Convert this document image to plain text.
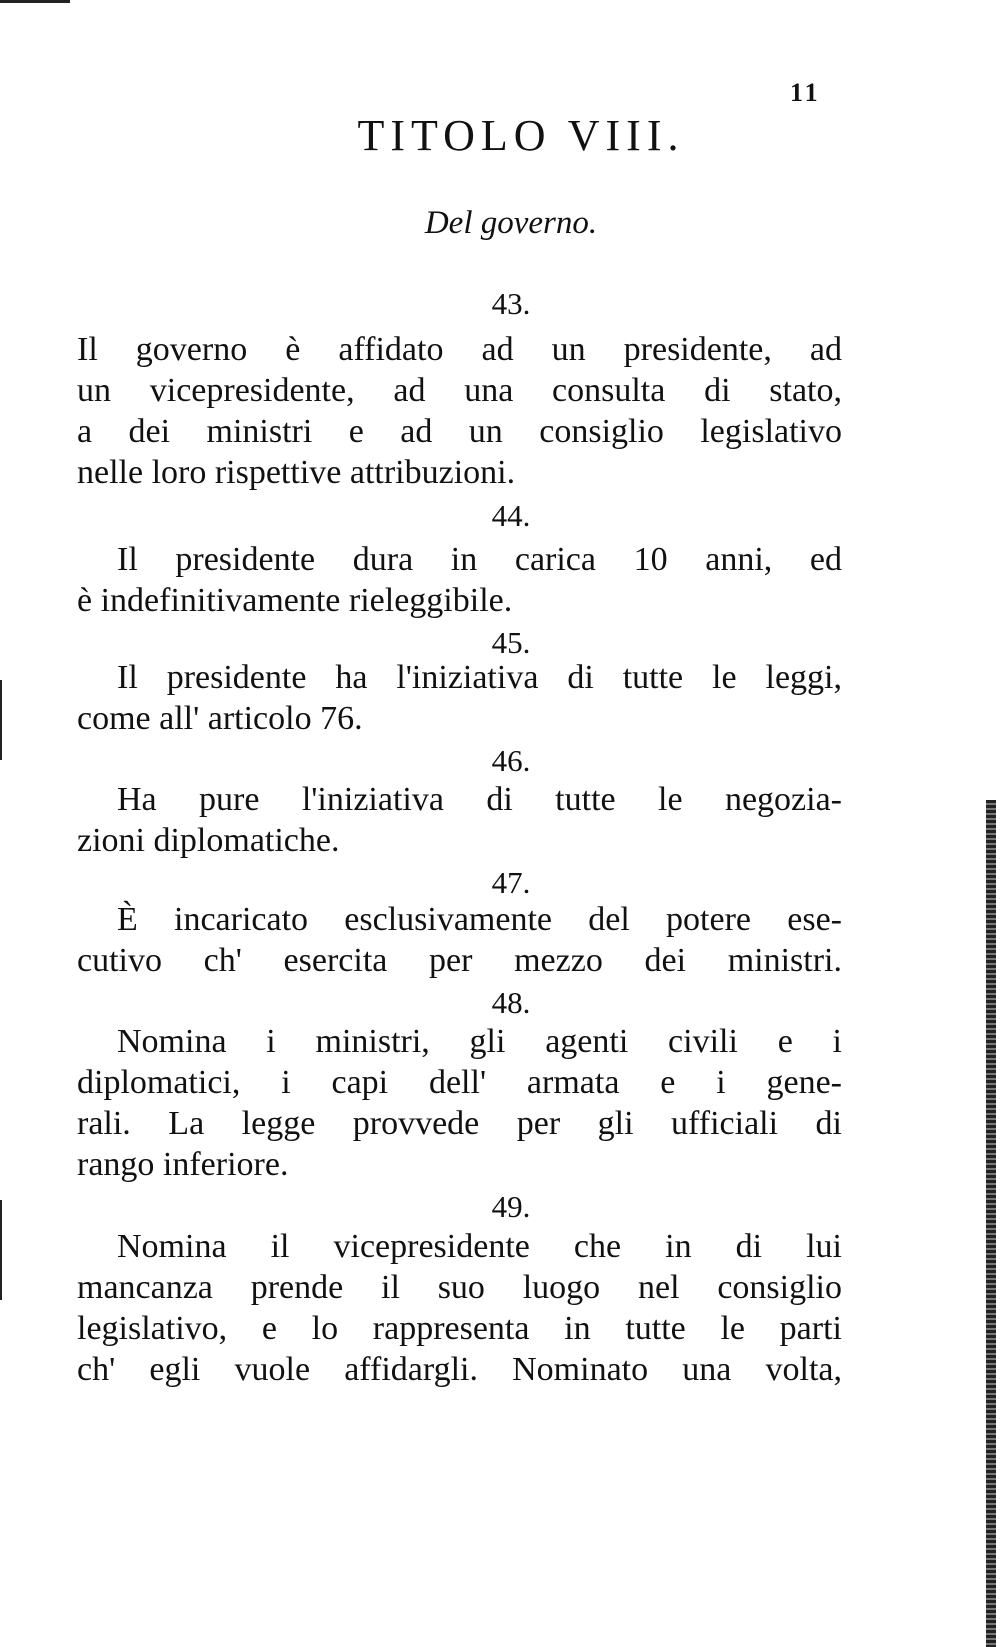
11
TITOLO VIII.
Del governo.
43.
Il governo è affidato ad un presidente, ad
un vicepresidente, ad una consulta di stato,
a dei ministri e ad un consiglio legislativo
nelle loro rispettive attribuzioni.
44.
Il presidente dura in carica 10 anni, ed
è indefinitivamente rieleggibile.
45.
Il presidente ha l'iniziativa di tutte le leggi,
come all' articolo 76.
46.
Ha pure l'iniziativa di tutte le negozia-
zioni diplomatiche.
47.
È incaricato esclusivamente del potere ese-
cutivo ch' esercita per mezzo dei ministri.
48.
Nomina i ministri, gli agenti civili e i
diplomatici, i capi dell' armata e i gene-
rali. La legge provvede per gli ufficiali di
rango inferiore.
49.
Nomina il vicepresidente che in di lui
mancanza prende il suo luogo nel consiglio
legislativo, e lo rappresenta in tutte le parti
ch' egli vuole affidargli. Nominato una volta,
